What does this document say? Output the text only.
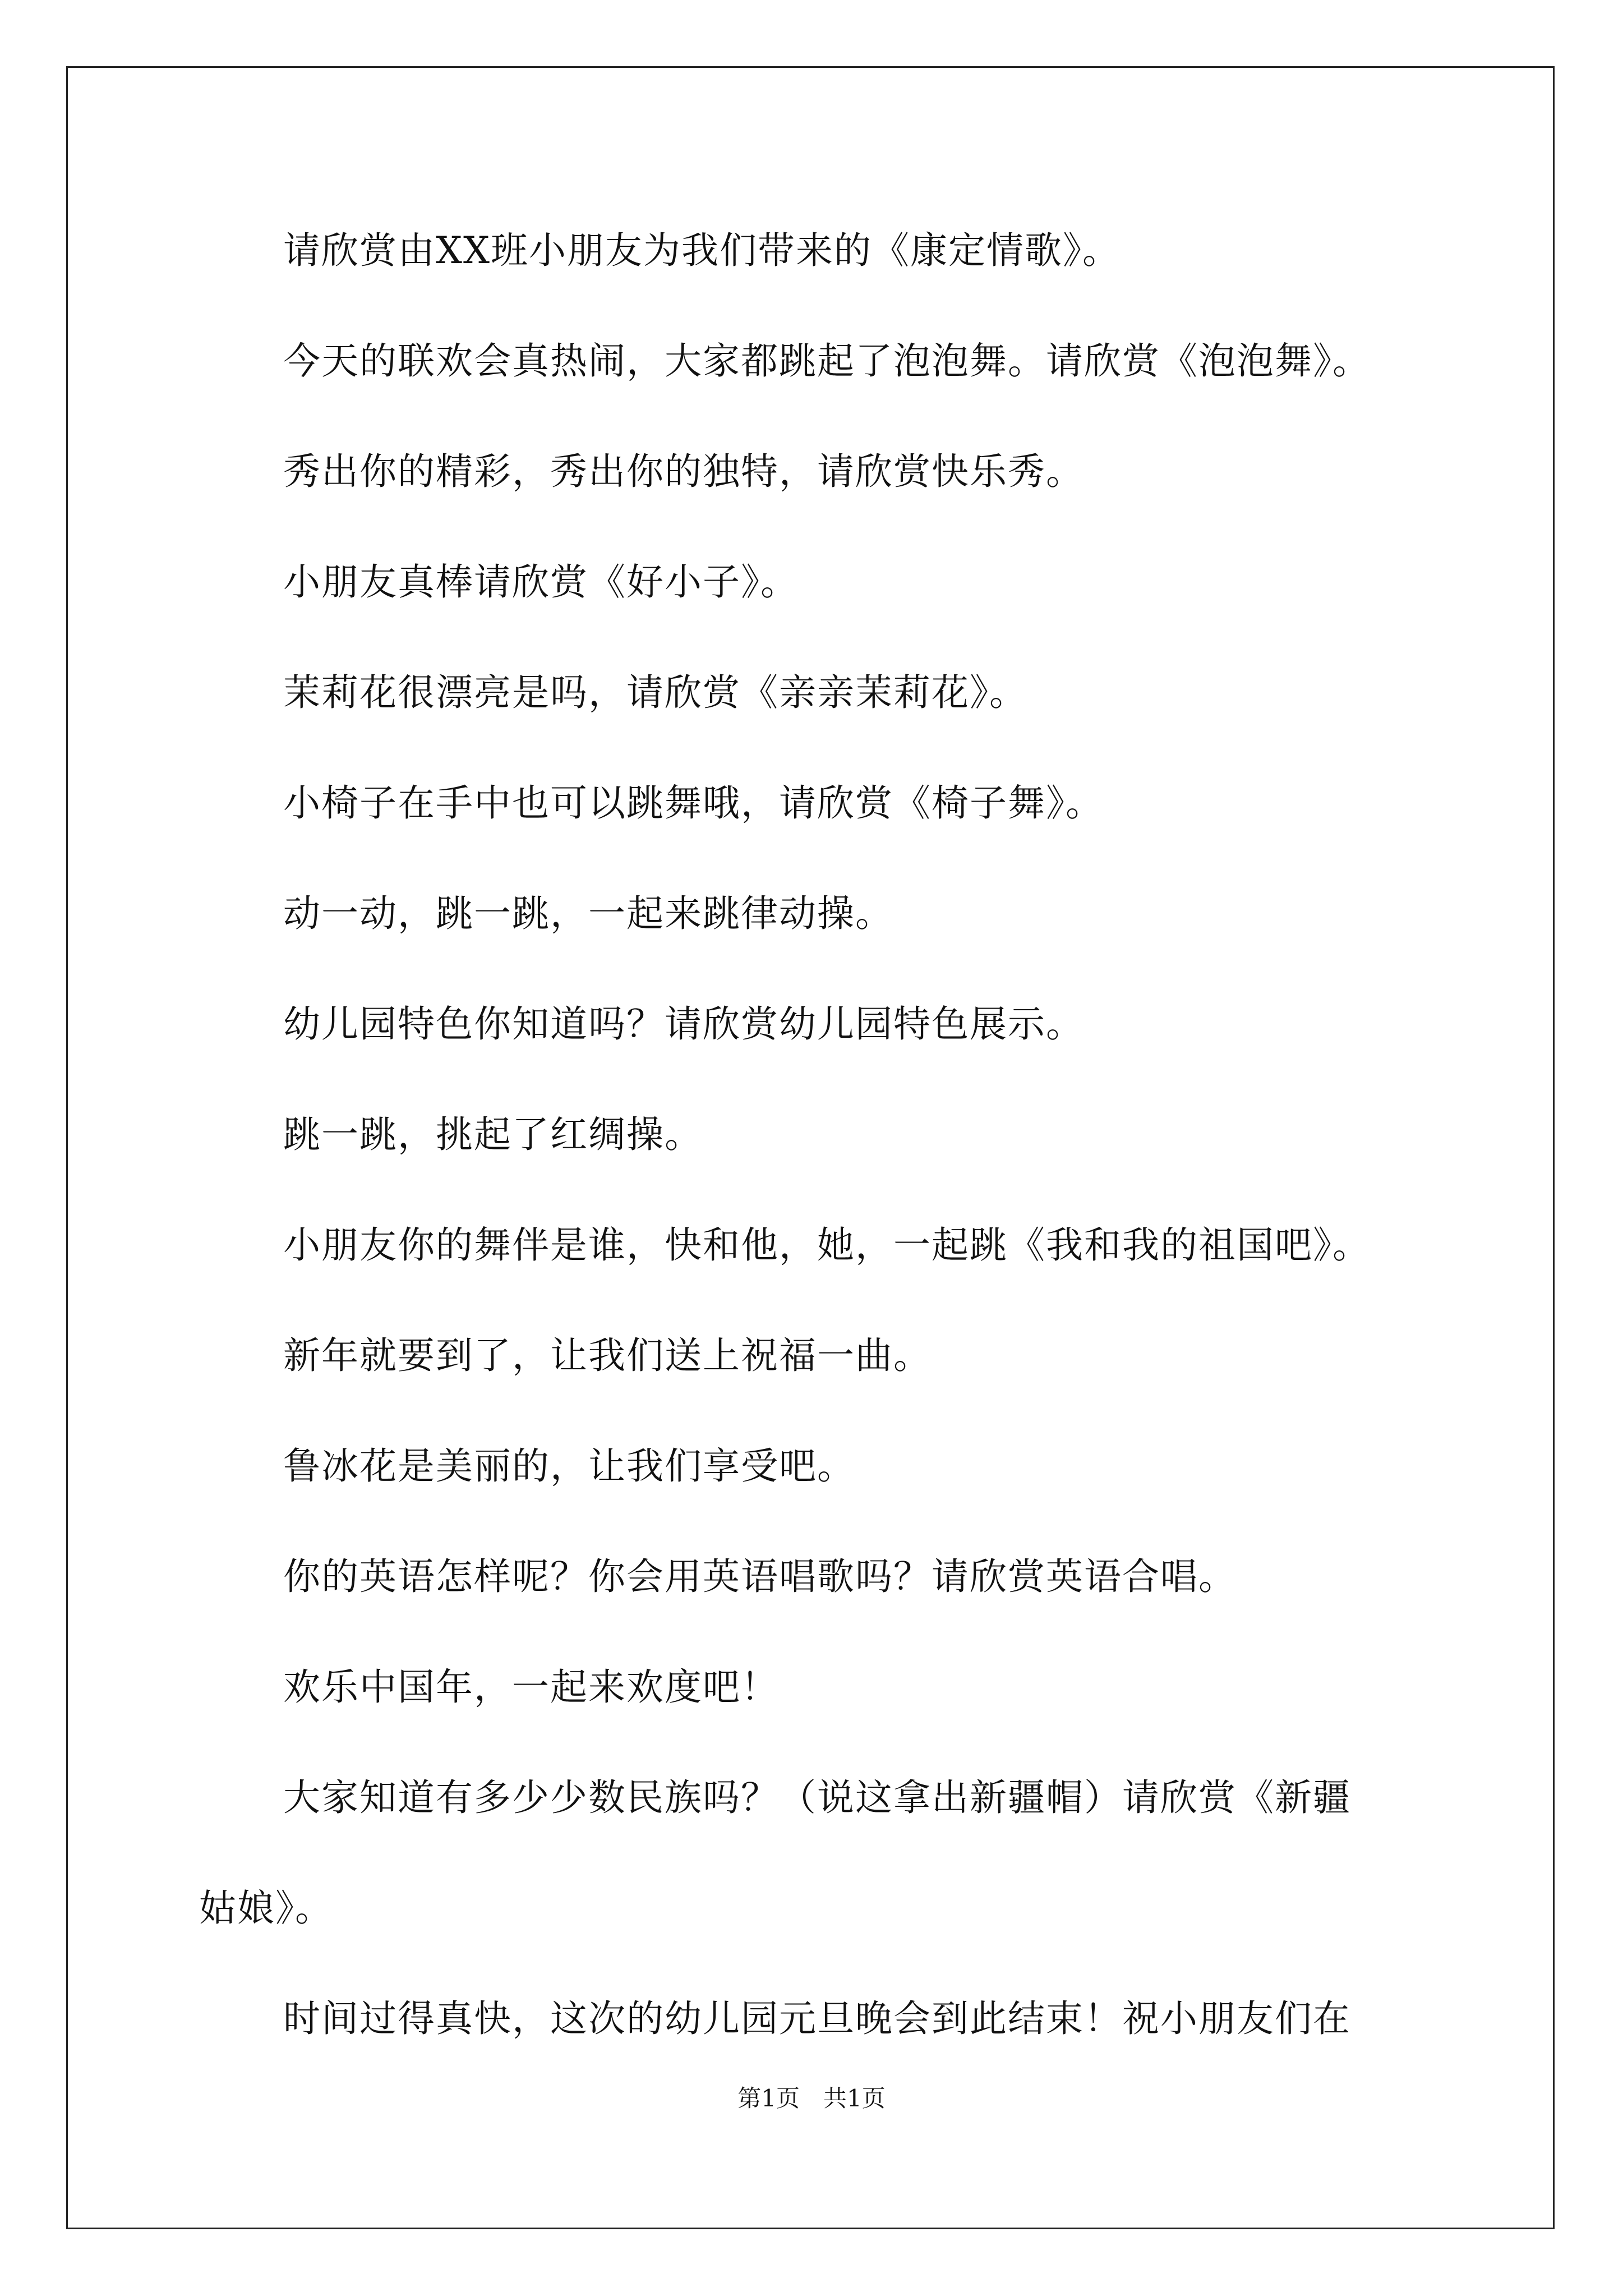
请欣赏由XX班小朋友为我们带来的《康定情歌》。

今天的联欢会真热闹，大家都跳起了泡泡舞。请欣赏《泡泡舞》。

秀出你的精彩，秀出你的独特，请欣赏快乐秀。

小朋友真棒请欣赏《好小子》。

茉莉花很漂亮是吗，请欣赏《亲亲茉莉花》。

小椅子在手中也可以跳舞哦，请欣赏《椅子舞》。

动一动，跳一跳，一起来跳律动操。

幼儿园特色你知道吗？请欣赏幼儿园特色展示。

跳一跳，挑起了红绸操。

小朋友你的舞伴是谁，快和他，她，一起跳《我和我的祖国吧》。

新年就要到了，让我们送上祝福一曲。

鲁冰花是美丽的，让我们享受吧。

你的英语怎样呢？你会用英语唱歌吗？请欣赏英语合唱。

欢乐中国年，一起来欢度吧！

大家知道有多少少数民族吗？（说这拿出新疆帽）请欣赏《新疆
姑娘》。

时间过得真快，这次的幼儿园元旦晚会到此结束！祝小朋友们在

第1页　共1页
